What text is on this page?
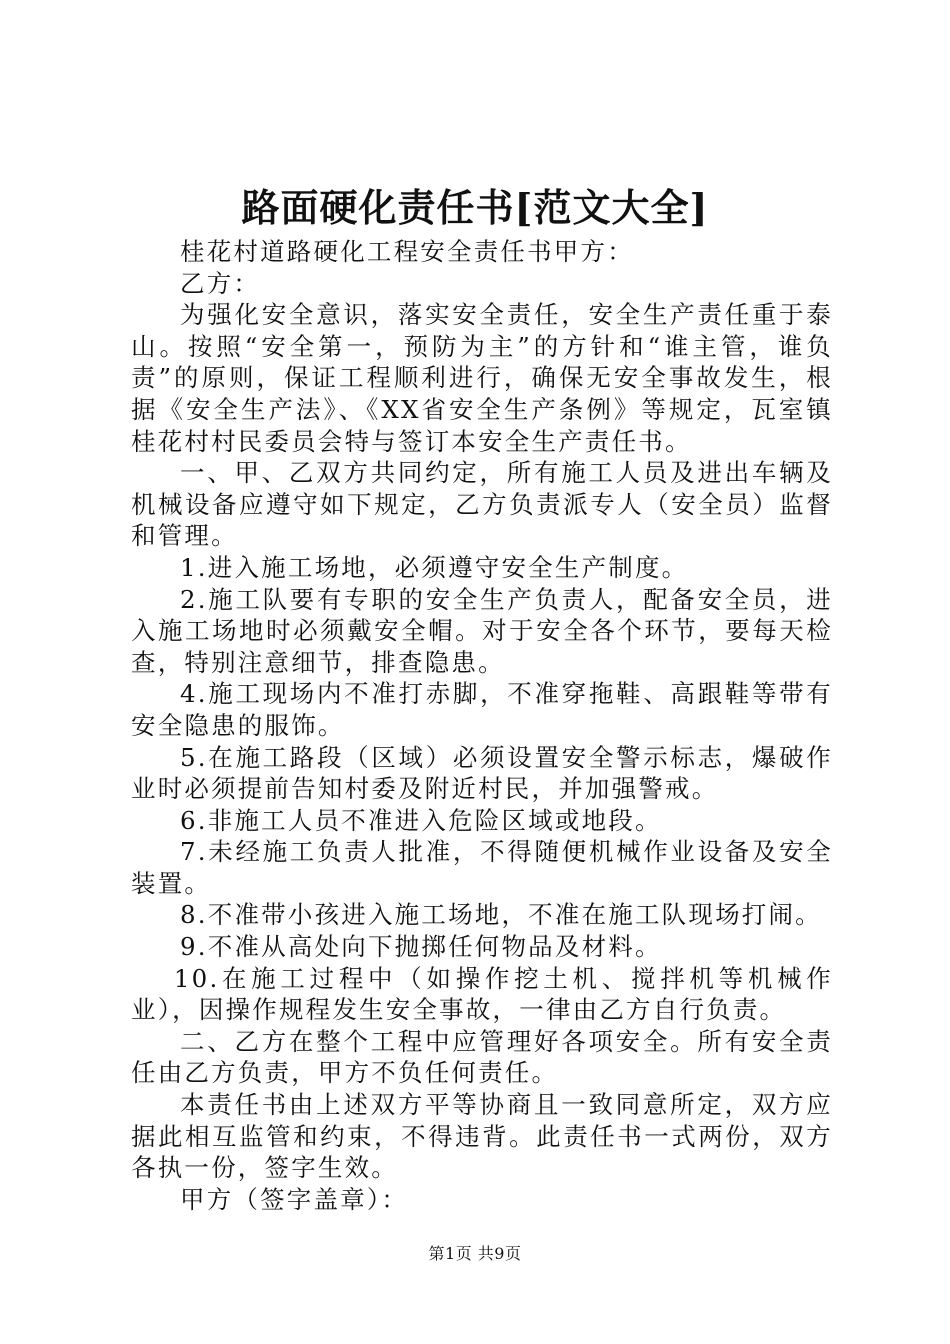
路面硬化责任书[范文大全]

桂花村道路硬化工程安全责任书甲方：

乙方：

为强化安全意识，落实安全责任，安全生产责任重于泰山。按照“安全第一，预防为主”的方针和“谁主管，谁负责”的原则，保证工程顺利进行，确保无安全事故发生，根据《安全生产法》、《XX省安全生产条例》等规定，瓦室镇桂花村村民委员会特与签订本安全生产责任书。

一、甲、乙双方共同约定，所有施工人员及进出车辆及机械设备应遵守如下规定，乙方负责派专人（安全员）监督和管理。

1.进入施工场地，必须遵守安全生产制度。

2.施工队要有专职的安全生产负责人，配备安全员，进入施工场地时必须戴安全帽。对于安全各个环节，要每天检查，特别注意细节，排查隐患。

4.施工现场内不准打赤脚，不准穿拖鞋、高跟鞋等带有安全隐患的服饰。

5.在施工路段（区域）必须设置安全警示标志，爆破作业时必须提前告知村委及附近村民，并加强警戒。

6.非施工人员不准进入危险区域或地段。

7.未经施工负责人批准，不得随便机械作业设备及安全装置。

8.不准带小孩进入施工场地，不准在施工队现场打闹。

9.不准从高处向下抛掷任何物品及材料。

10.在施工过程中（如操作挖土机、搅拌机等机械作业），因操作规程发生安全事故，一律由乙方自行负责。

二、乙方在整个工程中应管理好各项安全。所有安全责任由乙方负责，甲方不负任何责任。

本责任书由上述双方平等协商且一致同意所定，双方应据此相互监管和约束，不得违背。此责任书一式两份，双方各执一份，签字生效。

甲方（签字盖章）：

第1页 共9页
